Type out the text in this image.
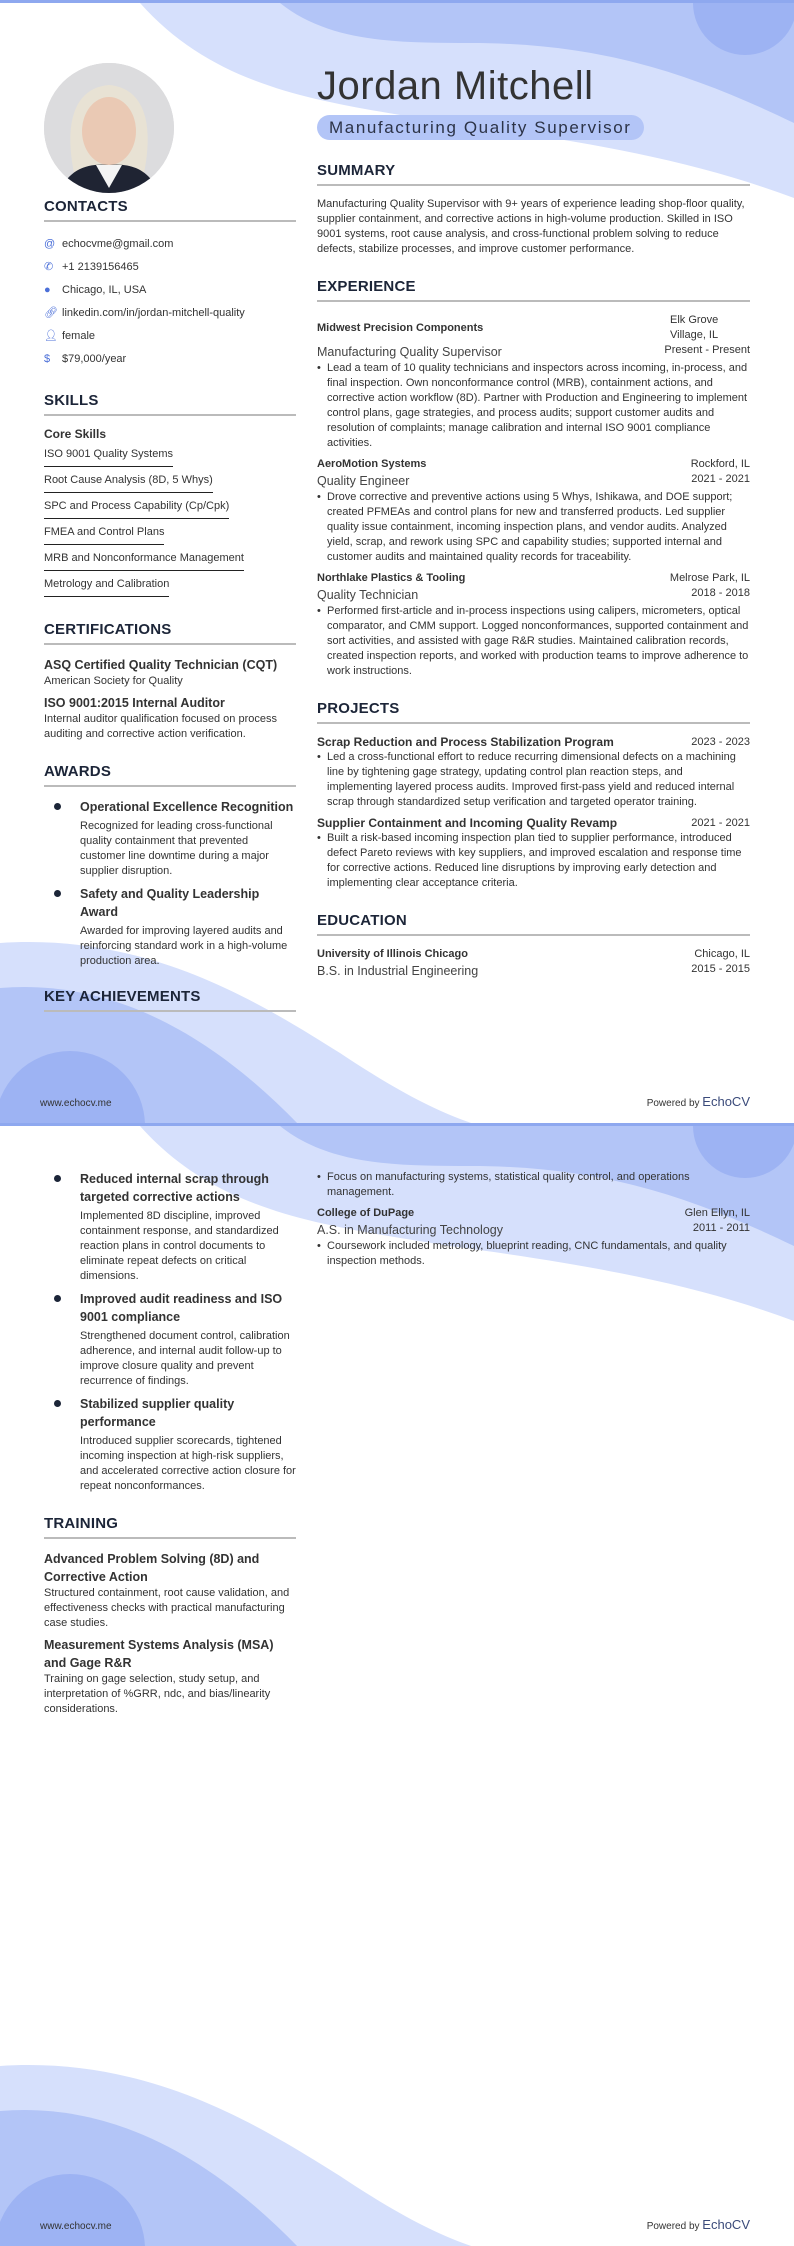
Jordan Mitchell
Manufacturing Quality Supervisor
CONTACTS
@ echocvme@gmail.com
✆ +1 2139156465
●	Chicago, IL, USA
🔗︎ linkedin.com/in/jordan-mitchell-quality
👤︎ female
$	$79,000/year
SKILLS
Core Skills
ISO 9001 Quality Systems
Root Cause Analysis (8D, 5 Whys)
SPC and Process Capability (Cp/Cpk)
FMEA and Control Plans
MRB and Nonconformance Management
Metrology and Calibration
CERTIFICATIONS
ASQ Certified Quality Technician (CQT)
American Society for Quality
ISO 9001:2015 Internal Auditor
Internal auditor qualification focused on process auditing and corrective action verification.
AWARDS
Operational Excellence Recognition
Recognized for leading cross-functional quality containment that prevented customer line downtime during a major supplier disruption.
Safety and Quality Leadership Award
Awarded for improving layered audits and reinforcing standard work in a high-volume production area.
KEY ACHIEVEMENTS
SUMMARY

Manufacturing Quality Supervisor with 9+ years of experience leading shop-floor quality, supplier containment, and corrective actions in high-volume production. Skilled in ISO 9001 systems, root cause analysis, and cross-functional problem solving to reduce defects, stabilize processes, and improve customer performance.

EXPERIENCE
Midwest Precision Components
Elk Grove Village, IL
Manufacturing Quality Supervisor	Present - Present
• Lead a team of 10 quality technicians and inspectors across incoming, in-process, and final inspection. Own nonconformance control (MRB), containment actions, and corrective action workflow (8D). Partner with Production and Engineering to implement control plans, gage strategies, and process audits; support customer audits and resolution of complaints; manage calibration and internal ISO 9001 compliance activities.
AeroMotion Systems	Rockford, IL
Quality Engineer	2021 - 2021
• Drove corrective and preventive actions using 5 Whys, Ishikawa, and DOE support; created PFMEAs and control plans for new and transferred products. Led supplier quality issue containment, incoming inspection plans, and vendor audits. Analyzed yield, scrap, and rework using SPC and capability studies; supported internal and customer audits and maintained quality records for traceability.
Northlake Plastics & Tooling	Melrose Park, IL
Quality Technician	2018 - 2018
• Performed first-article and in-process inspections using calipers, micrometers, optical comparator, and CMM support. Logged nonconformances, supported containment and sort activities, and assisted with gage R&R studies. Maintained calibration records, created inspection reports, and worked with production teams to improve adherence to work instructions.
PROJECTS
Scrap Reduction and Process Stabilization Program	2023 - 2023
• Led a cross-functional effort to reduce recurring dimensional defects on a machining line by tightening gage strategy, updating control plan reaction steps, and implementing layered process audits. Improved first-pass yield and reduced internal scrap through standardized setup verification and targeted operator training.
Supplier Containment and Incoming Quality Revamp	2021 - 2021
• Built a risk-based incoming inspection plan tied to supplier performance, introduced defect Pareto reviews with key suppliers, and improved escalation and response time for corrective actions. Reduced line disruptions by improving early detection and implementing clear acceptance criteria.
EDUCATION
University of Illinois Chicago	Chicago, IL
B.S. in Industrial Engineering	2015 - 2015
www.echocv.me	Powered by EchoCV
Reduced internal scrap through targeted corrective actions
Implemented 8D discipline, improved containment response, and standardized reaction plans in control documents to eliminate repeat defects on critical dimensions.
Improved audit readiness and ISO 9001 compliance
Strengthened document control, calibration adherence, and internal audit follow-up to improve closure quality and prevent recurrence of findings.
Stabilized supplier quality performance
Introduced supplier scorecards, tightened incoming inspection at high-risk suppliers, and accelerated corrective action closure for repeat nonconformances.
TRAINING
Advanced Problem Solving (8D) and Corrective Action
Structured containment, root cause validation, and effectiveness checks with practical manufacturing case studies.
Measurement Systems Analysis (MSA) and Gage R&R
Training on gage selection, study setup, and interpretation of %GRR, ndc, and bias/linearity considerations.
• Focus on manufacturing systems, statistical quality control, and operations management.
College of DuPage	Glen Ellyn, IL
A.S. in Manufacturing Technology	2011 - 2011
• Coursework included metrology, blueprint reading, CNC fundamentals, and quality inspection methods.
www.echocv.me	Powered by EchoCV
